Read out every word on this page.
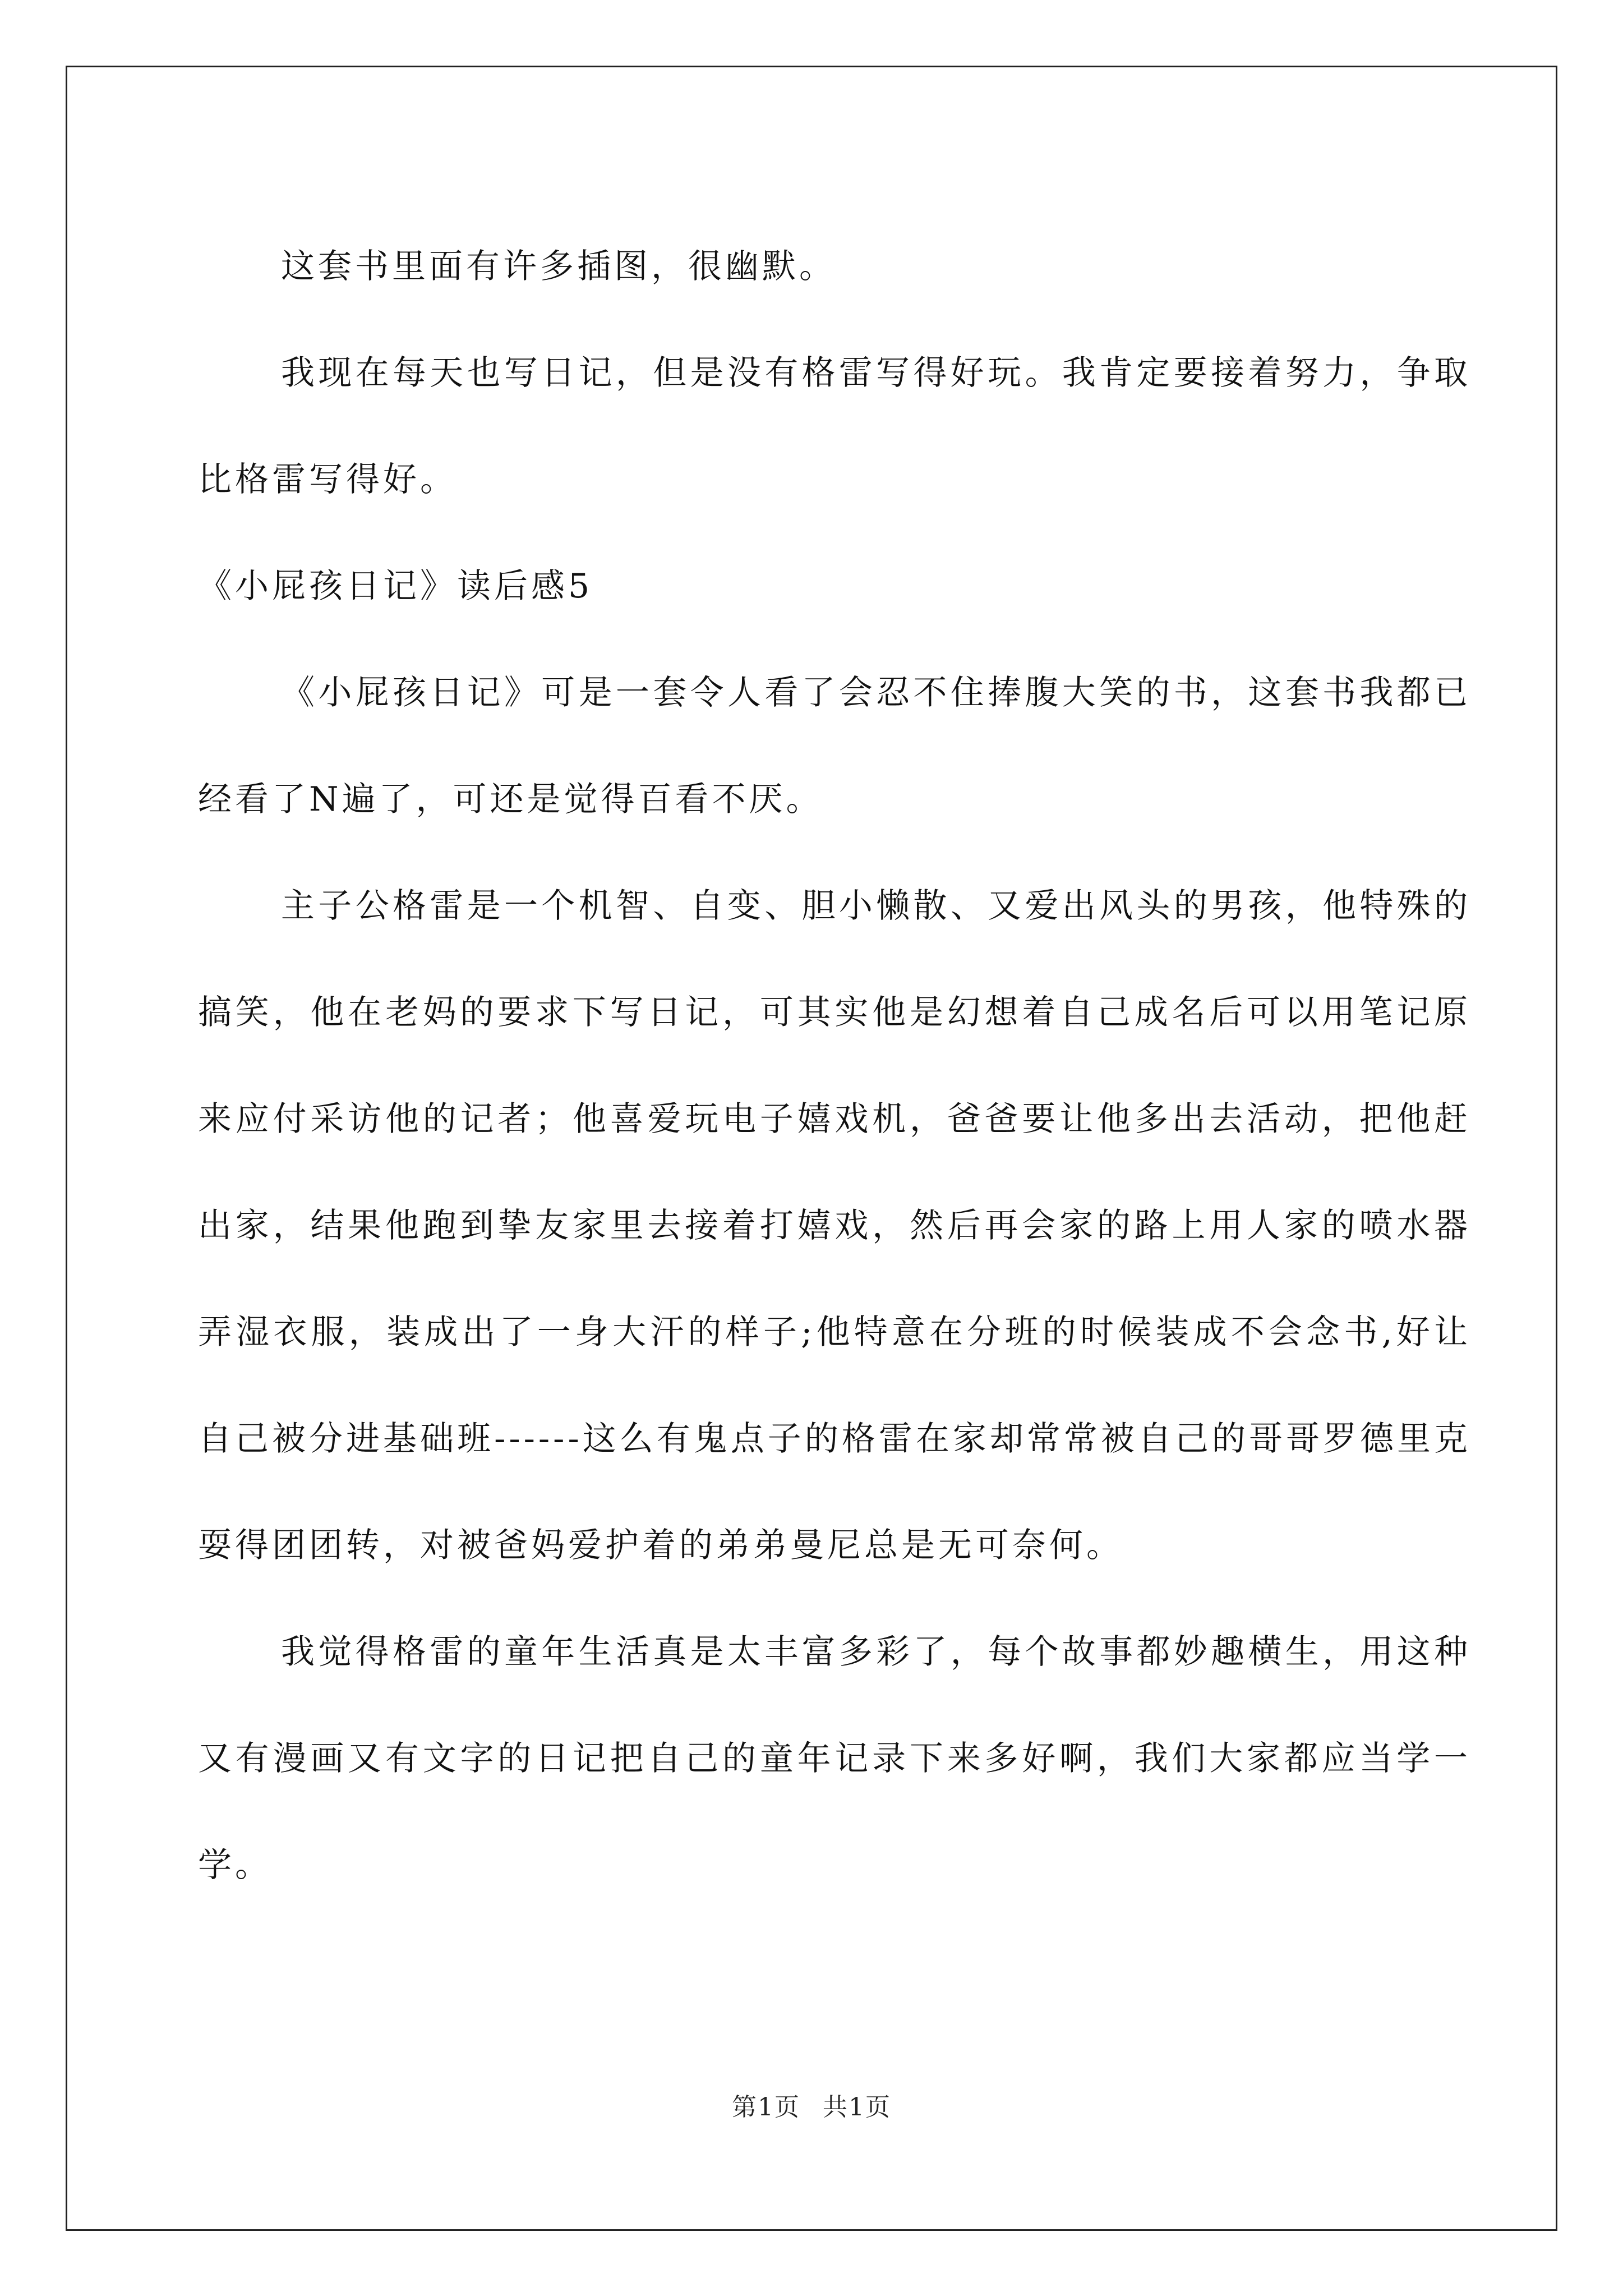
这套书里面有许多插图，很幽默。

我现在每天也写日记，但是没有格雷写得好玩。我肯定要接着努力，争取比格雷写得好。

《小屁孩日记》读后感5

《小屁孩日记》可是一套令人看了会忍不住捧腹大笑的书，这套书我都已经看了N遍了，可还是觉得百看不厌。

主子公格雷是一个机智、自变、胆小懒散、又爱出风头的男孩，他特殊的搞笑，他在老妈的要求下写日记，可其实他是幻想着自己成名后可以用笔记原来应付采访他的记者；他喜爱玩电子嬉戏机，爸爸要让他多出去活动，把他赶出家，结果他跑到挚友家里去接着打嬉戏，然后再会家的路上用人家的喷水器弄湿衣服，装成出了一身大汗的样子;他特意在分班的时候装成不会念书,好让自己被分进基础班------这么有鬼点子的格雷在家却常常被自己的哥哥罗德里克耍得团团转，对被爸妈爱护着的弟弟曼尼总是无可奈何。

我觉得格雷的童年生活真是太丰富多彩了，每个故事都妙趣横生，用这种又有漫画又有文字的日记把自己的童年记录下来多好啊，我们大家都应当学一学。

第1页 共1页
